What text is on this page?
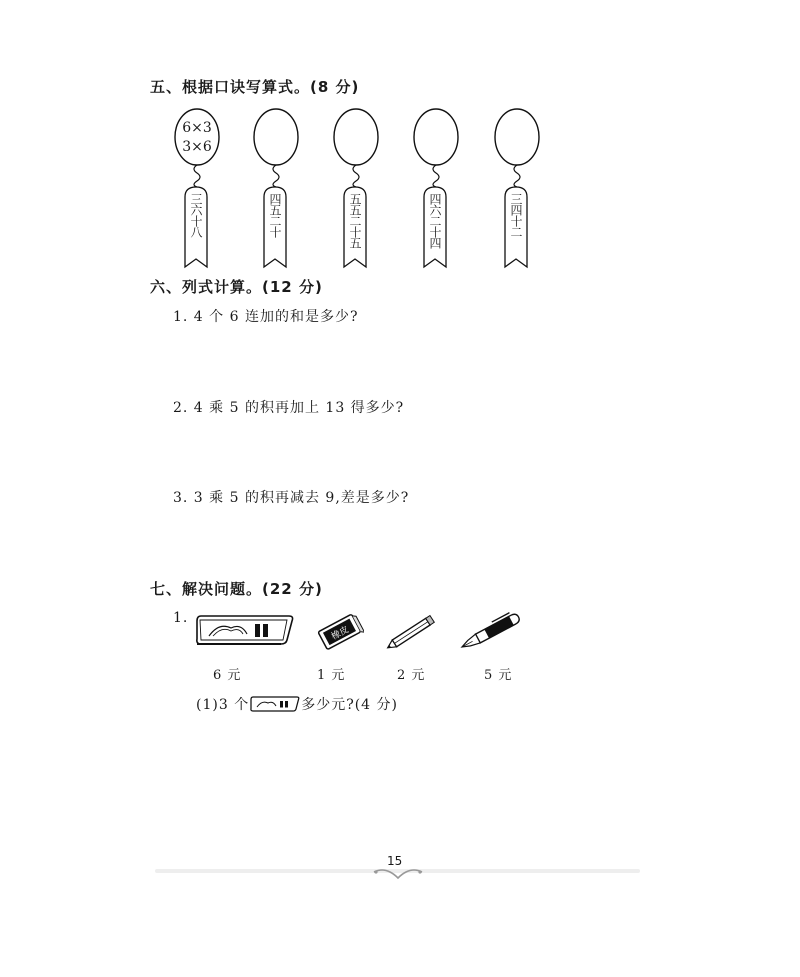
五、根据口诀写算式。(8 分)
6×3
3×6
三六十八	四五二十	五五二十五	四六二十四	三四十二
六、列式计算。(12 分)
1. 4 个 6 连加的和是多少?
2. 4 乘 5 的积再加上 13 得多少?
3. 3 乘 5 的积再减去 9,差是多少?
七、解决问题。(22 分)
1.
橡皮
6 元	1 元	2 元	5 元
(1)3 个	多少元?(4 分)
15
